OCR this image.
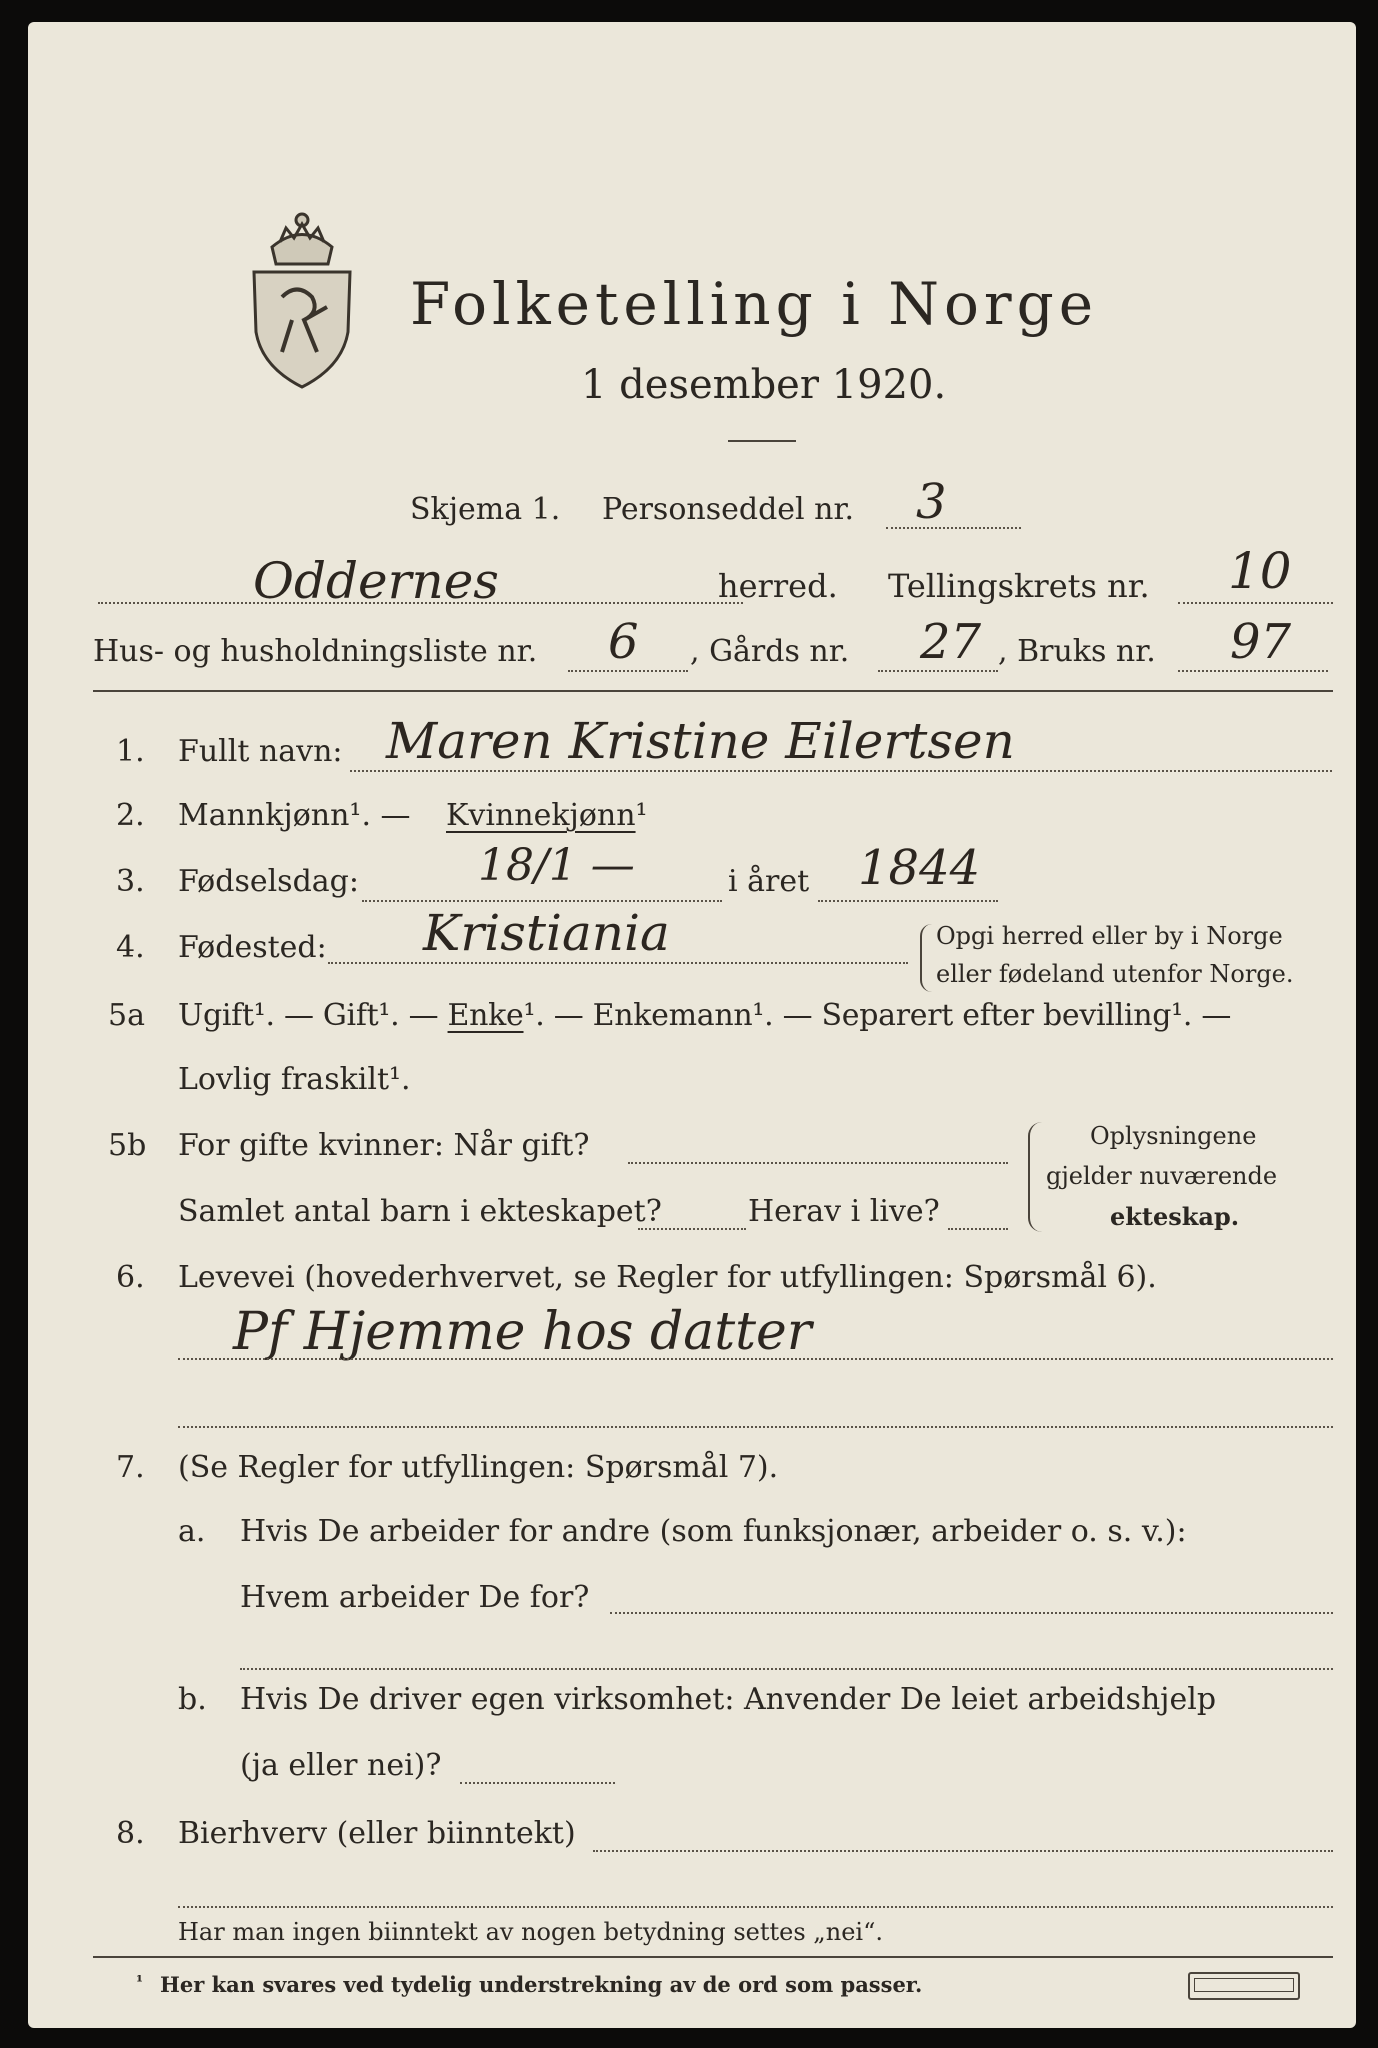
Folketelling i Norge
1 desember 1920.
Skjema 1. Personseddel nr. 3
Oddernes	herred. Tellingskrets nr. 10
Hus- og husholdningsliste nr. 6 , Gårds nr. 27 , Bruks nr. 97
1. Fullt navn: Maren Kristine Eilertsen
2. Mannkjønn¹. — Kvinnekjønn¹
3. Fødselsdag:	18/1 —	i året 1844
4. Fødested: Kristiania	Opgi herred eller by i Norge
eller fødeland utenfor Norge.
5a Ugift¹. — Gift¹. — Enke¹. — Enkemann¹. — Separert efter bevilling¹. —
Lovlig fraskilt¹.
5b For gifte kvinner: Når gift?
Samlet antal barn i ekteskapet?	Herav i live?
Oplysningene
gjelder nuværende
ekteskap.
6. Levevei (hovederhvervet, se Regler for utfyllingen: Spørsmål 6).
Pf Hjemme hos datter
7. (Se Regler for utfyllingen: Spørsmål 7).
a. Hvis De arbeider for andre (som funksjonær, arbeider o. s. v.):
Hvem arbeider De for?
b. Hvis De driver egen virksomhet: Anvender De leiet arbeidshjelp
(ja eller nei)?
8. Bierhverv (eller biinntekt)
Har man ingen biinntekt av nogen betydning settes „nei“.
¹ Her kan svares ved tydelig understrekning av de ord som passer.
